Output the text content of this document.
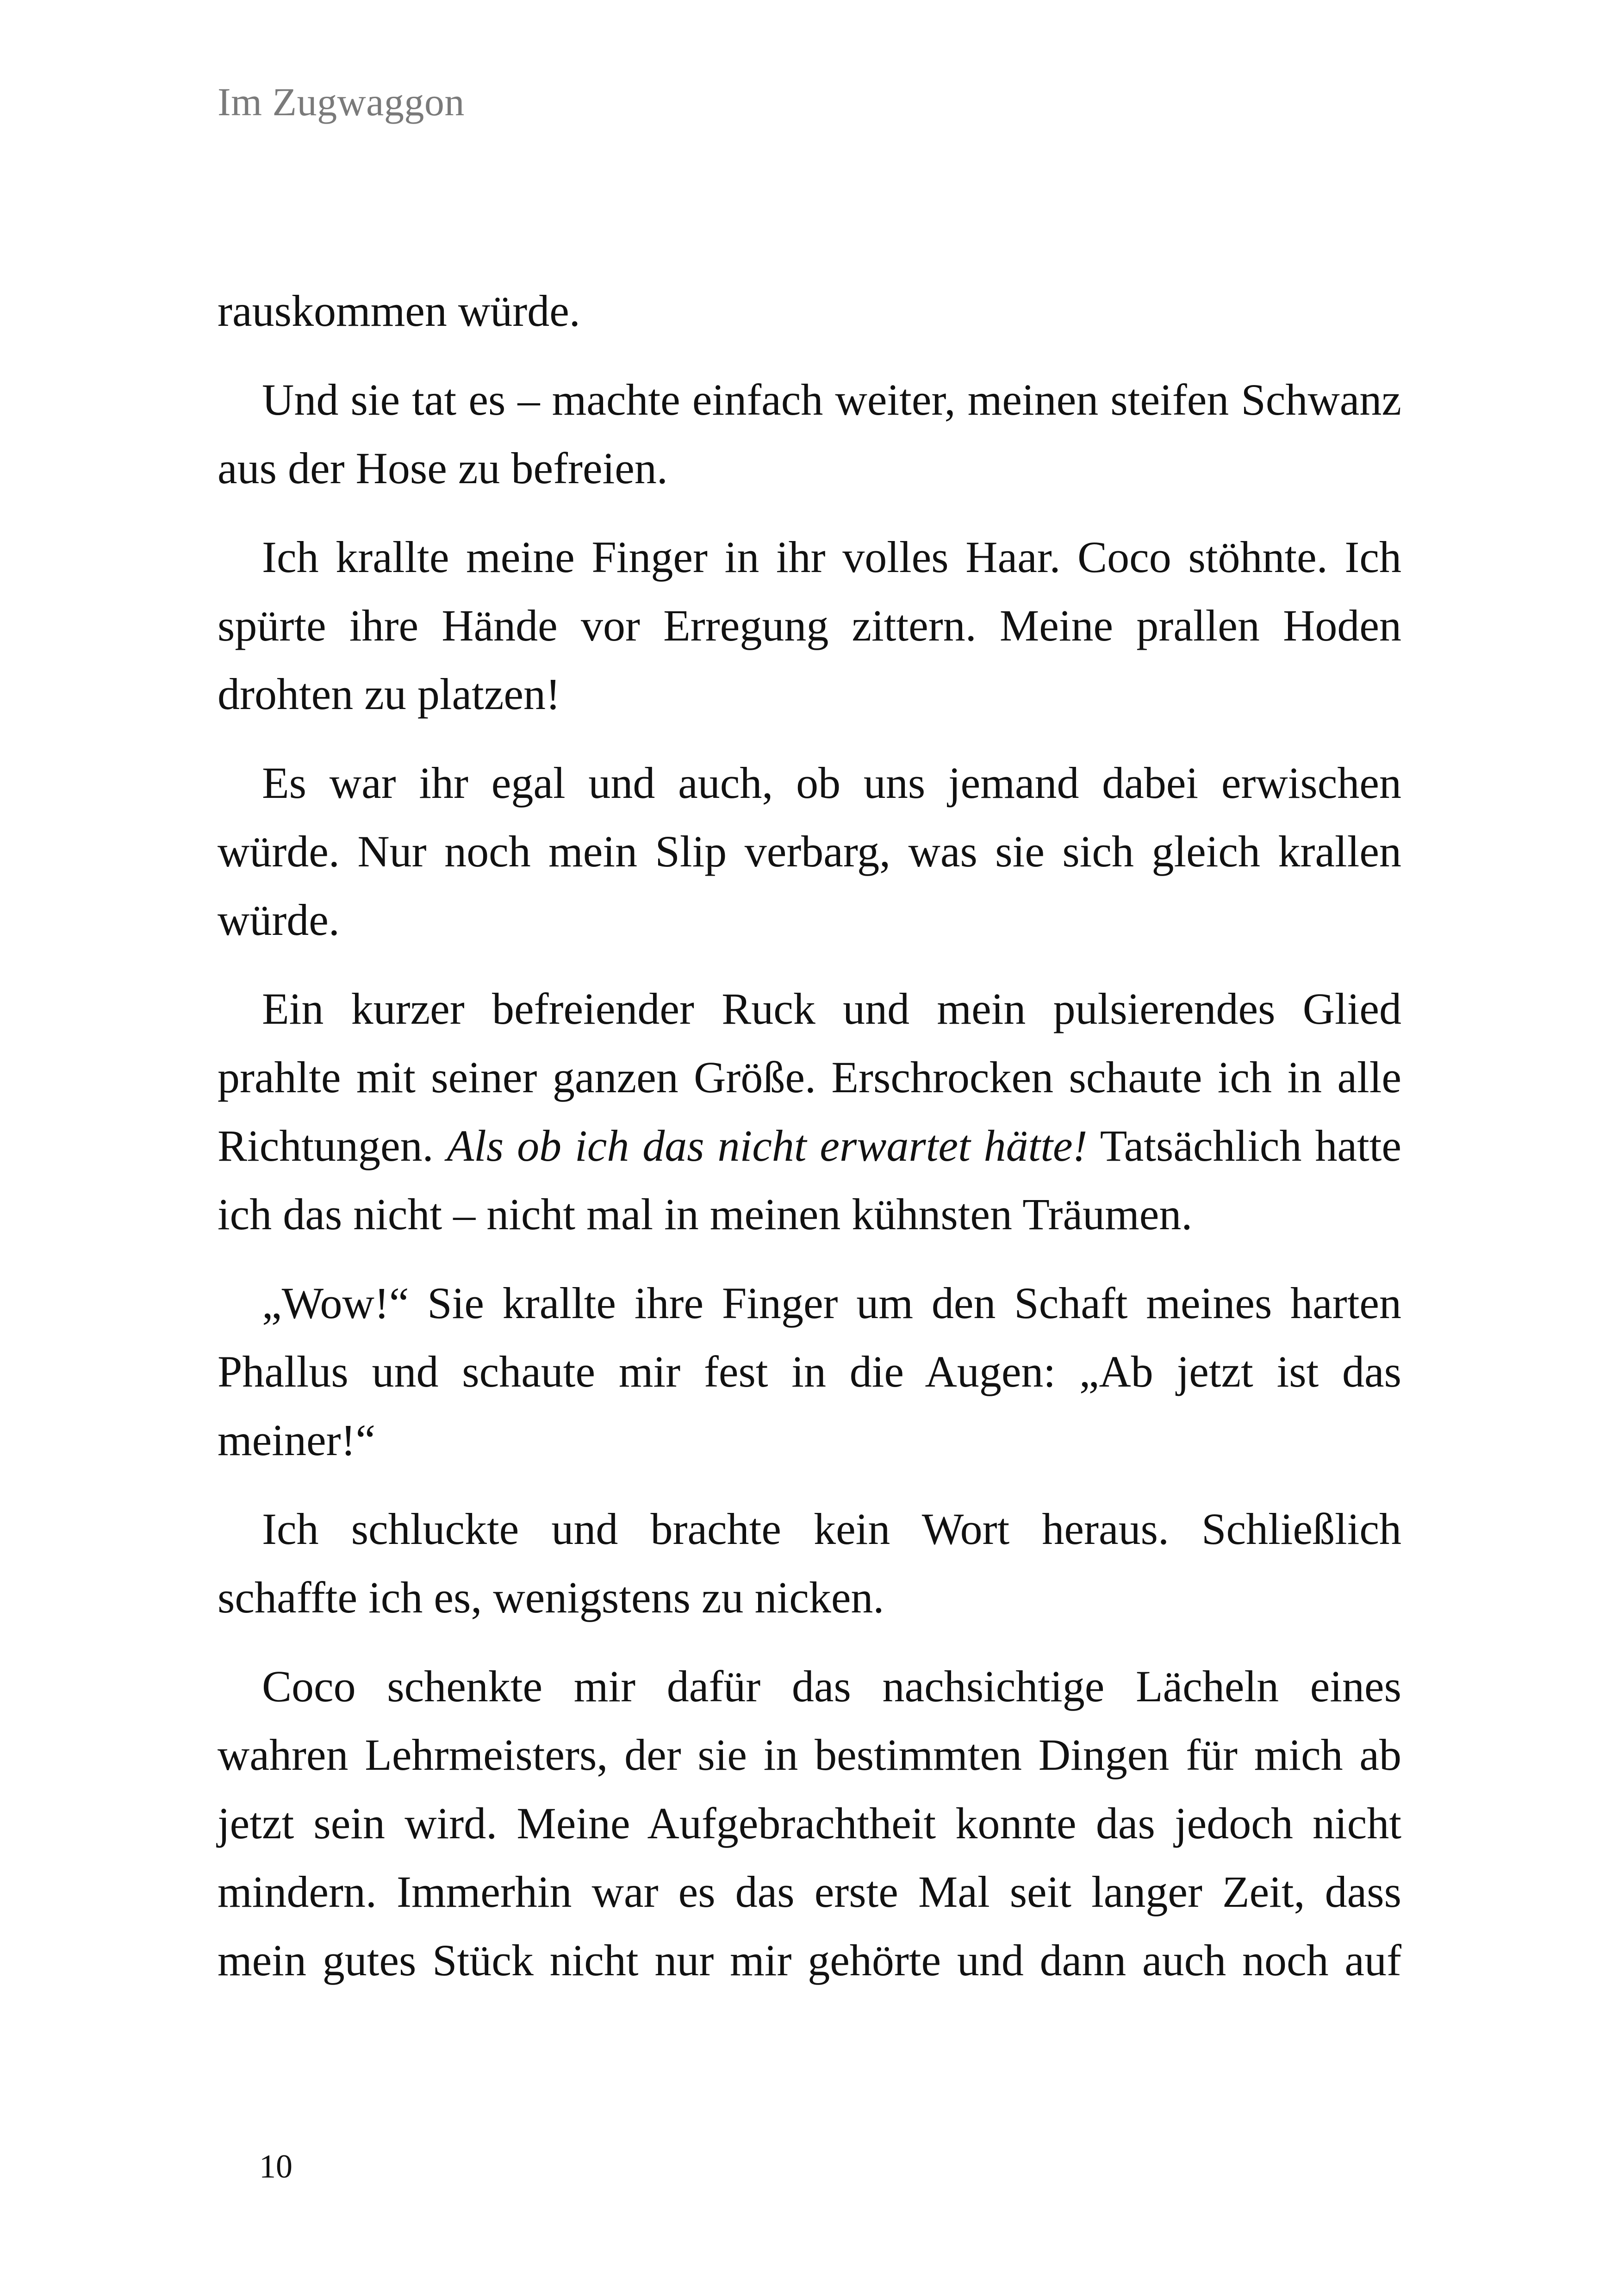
Im Zugwaggon

rauskommen würde.

Und sie tat es – machte einfach weiter, meinen steifen Schwanz aus der Hose zu befreien.

Ich krallte meine Finger in ihr volles Haar. Coco stöhnte. Ich spürte ihre Hände vor Erregung zittern. Meine prallen Hoden drohten zu platzen!

Es war ihr egal und auch, ob uns jemand dabei erwischen würde. Nur noch mein Slip verbarg, was sie sich gleich krallen würde.

Ein kurzer befreiender Ruck und mein pulsierendes Glied prahlte mit seiner ganzen Größe. Erschrocken schaute ich in alle Richtungen. Als ob ich das nicht erwartet hätte! Tatsächlich hatte ich das nicht – nicht mal in meinen kühnsten Träumen.

„Wow!“ Sie krallte ihre Finger um den Schaft meines harten Phallus und schaute mir fest in die Augen: „Ab jetzt ist das meiner!“

Ich schluckte und brachte kein Wort heraus. Schließlich schaffte ich es, wenigstens zu nicken.

Coco schenkte mir dafür das nachsichtige Lächeln eines wahren Lehrmeisters, der sie in bestimmten Dingen für mich ab jetzt sein wird. Meine Aufgebrachtheit konnte das jedoch nicht mindern. Immerhin war es das erste Mal seit langer Zeit, dass mein gutes Stück nicht nur mir gehörte und dann auch noch auf

10
